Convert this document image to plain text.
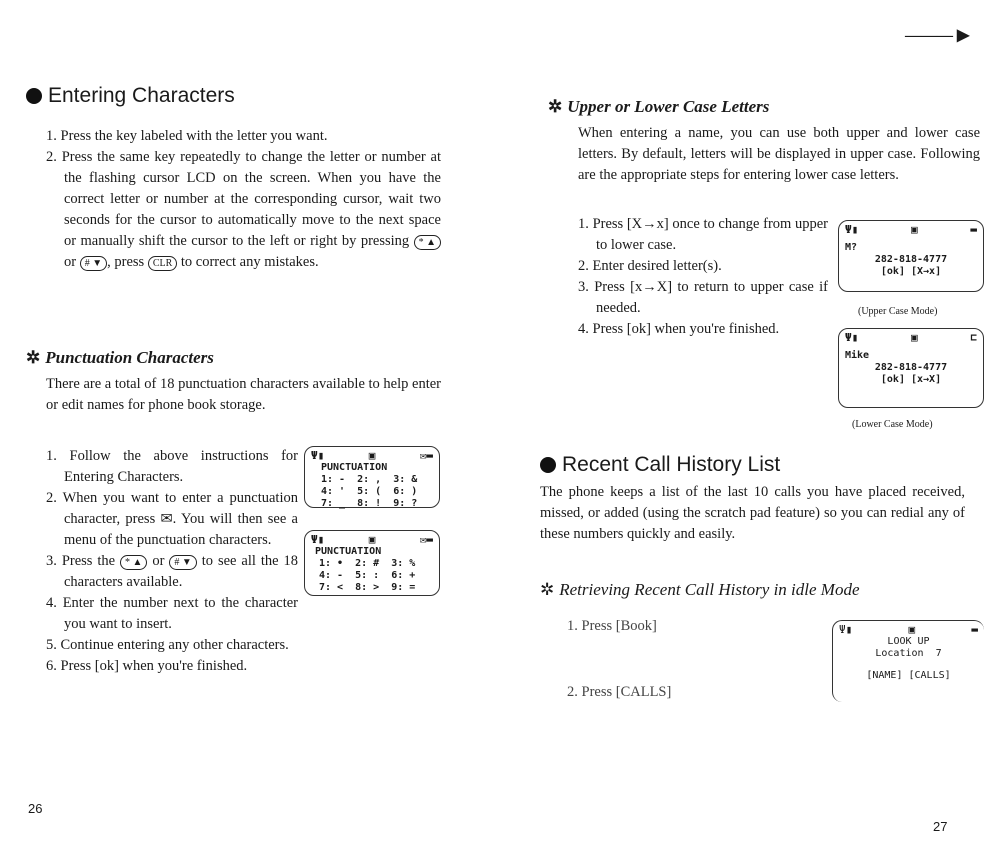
——— ▶
Entering Characters
1. Press the key labeled with the letter you want.
2. Press the same key repeatedly to change the letter or number at the flashing cursor LCD on the screen. When you have the correct letter or number at the corresponding cursor, wait two seconds for the cursor to automatically move to the next space or manually shift the cursor to the left or right by pressing * ▲ or # ▼ , press CLR to correct any mistakes.
✲ Punctuation Characters
There are a total of 18 punctuation characters available to help enter or edit names for phone book storage.
1. Follow the above instructions for Entering Characters.
2. When you want to enter a punctuation character, press ✉. You will then see a menu of the punctuation characters.
3. Press the * ▲ or # ▼ to see all the 18 characters available.
4. Enter the number next to the character you want to insert.
5. Continue entering any other characters.
6. Press [ok] when you're finished.
Ψ▮	▣	✉▬
PUNCTUATION
1: -  2: ,  3: &
4: '  5: (  6: )
7: _  8: !  9: ?
Ψ▮	▣	✉▬
PUNCTUATION
1: •  2: #  3: %
4: -  5: :  6: +
7: <  8: >  9: =
26
✲ Upper or Lower Case Letters
When entering a name, you can use both upper and lower case letters. By default, letters will be displayed in upper case. Following are the appropriate steps for entering lower case letters.
1. Press [X→x] once to change from upper to lower case.
2. Enter desired letter(s).
3. Press [x→X] to return to upper case if needed.
4. Press [ok] when you're finished.
Ψ▮	▣	▬
M?
282-818-4777
[ok] [X→x]
(Upper Case Mode)
Ψ▮	▣	⊏
Mike
282-818-4777
[ok] [x→X]
(Lower Case Mode)
Recent Call History List
The phone keeps a list of the last 10 calls you have placed received, missed, or added (using the scratch pad feature) so you can redial any of these numbers quickly and easily.
✲ Retrieving Recent Call History in idle Mode
1. Press [Book]
2. Press [CALLS]
Ψ▮	▣	▬
LOOK UP
Location  7
[NAME] [CALLS]
27
